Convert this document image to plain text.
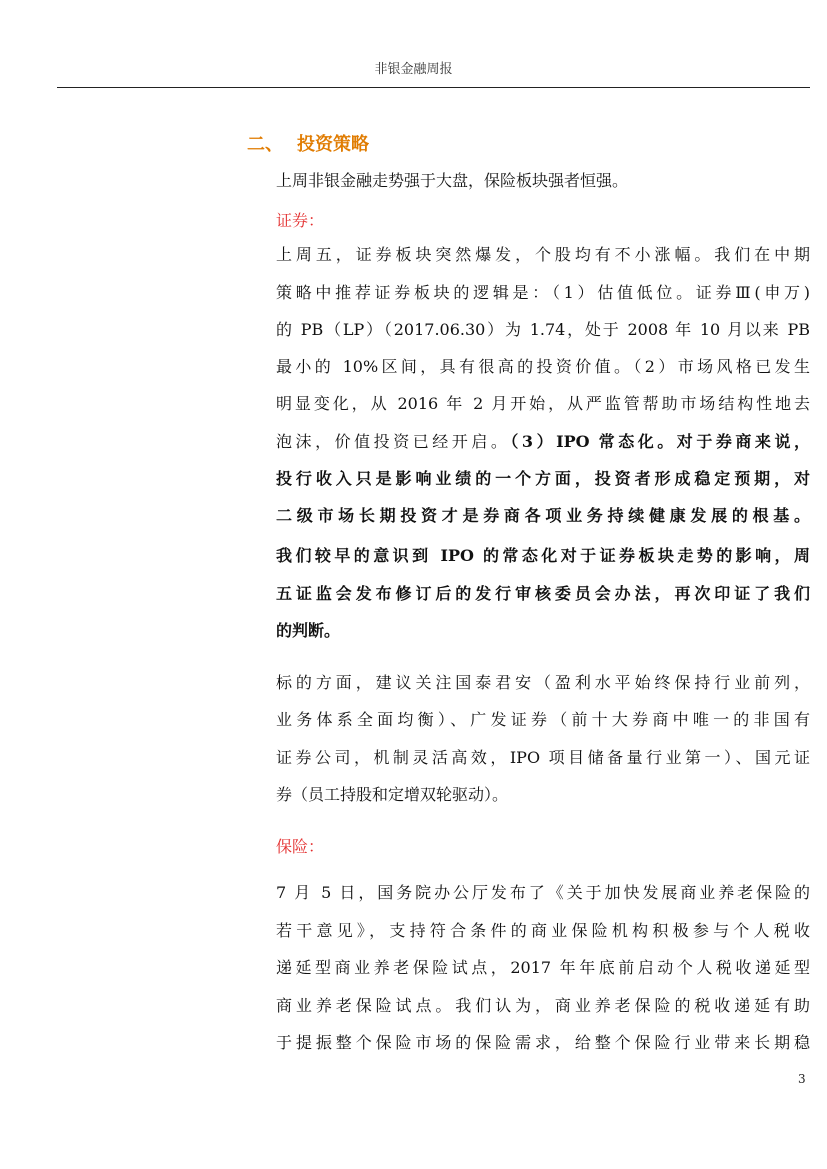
非银金融周报
二、 投资策略
上周非银金融走势强于大盘，保险板块强者恒强。
证券：
上周五，证券板块突然爆发，个股均有不小涨幅。我们在中期
策略中推荐证券板块的逻辑是：（1）估值低位。证券Ⅲ(申万)
的 PB（LP）（2017.06.30）为 1.74，处于 2008 年 10 月以来 PB
最小的 10%区间，具有很高的投资价值。（2）市场风格已发生
明显变化，从 2016 年 2 月开始，从严监管帮助市场结构性地去
泡沫，价值投资已经开启。（3）IPO 常态化。对于券商来说，
投行收入只是影响业绩的一个方面，投资者形成稳定预期，对
二级市场长期投资才是券商各项业务持续健康发展的根基。
我们较早的意识到 IPO 的常态化对于证券板块走势的影响，周
五证监会发布修订后的发行审核委员会办法，再次印证了我们
的判断。
标的方面，建议关注国泰君安（盈利水平始终保持行业前列，
业务体系全面均衡）、广发证券（前十大券商中唯一的非国有
证券公司，机制灵活高效，IPO 项目储备量行业第一）、国元证
券（员工持股和定增双轮驱动）。
保险：
7 月 5 日，国务院办公厅发布了《关于加快发展商业养老保险的
若干意见》，支持符合条件的商业保险机构积极参与个人税收
递延型商业养老保险试点，2017 年年底前启动个人税收递延型
商业养老保险试点。我们认为，商业养老保险的税收递延有助
于提振整个保险市场的保险需求，给整个保险行业带来长期稳
3
